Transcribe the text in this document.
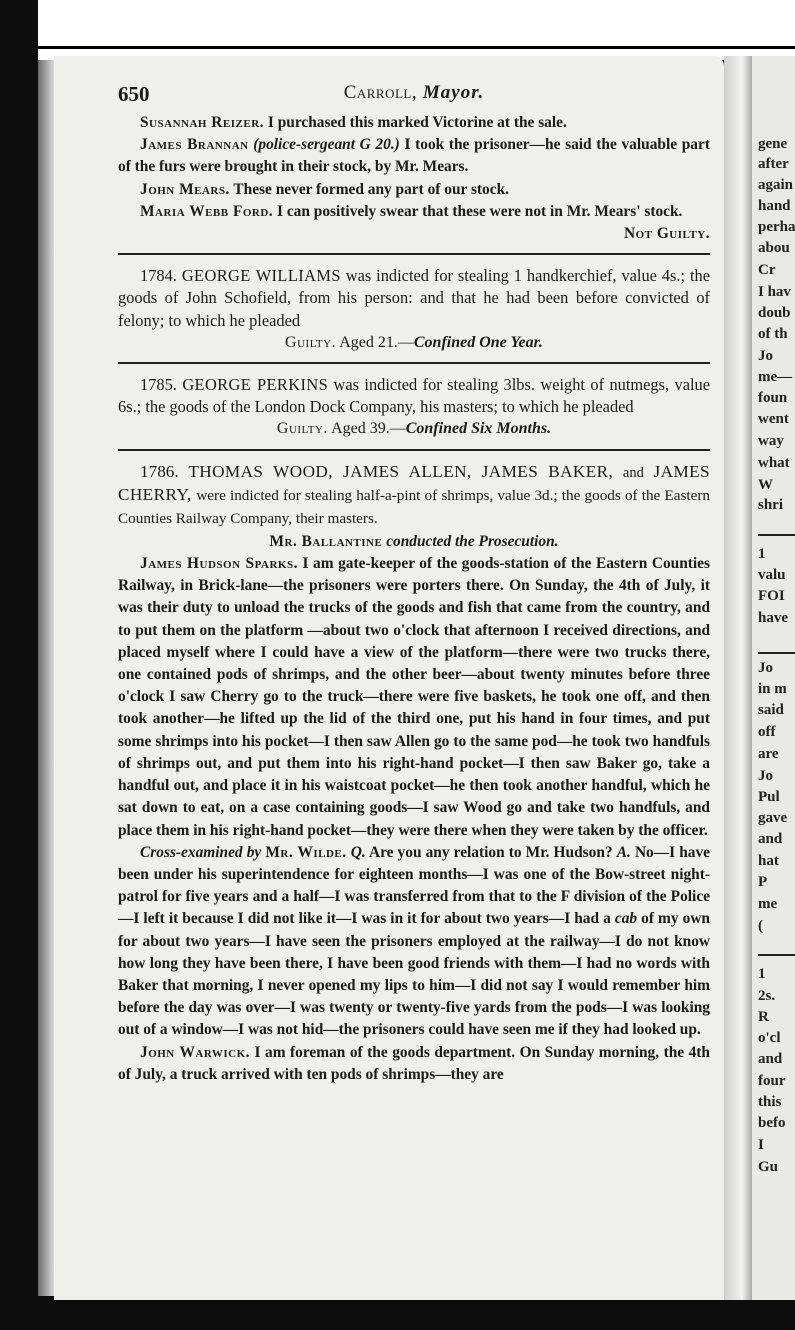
650	Carroll, Mayor.

Susannah Reizer. I purchased this marked Victorine at the sale.

James Brannan (police-sergeant G 20.) I took the prisoner—he said the valuable part of the furs were brought in their stock, by Mr. Mears.

John Mears. These never formed any part of our stock.

Maria Webb Ford. I can positively swear that these were not in Mr. Mears' stock.

Not Guilty.

1784. GEORGE WILLIAMS was indicted for stealing 1 handkerchief, value 4s.; the goods of John Schofield, from his person: and that he had been before convicted of felony; to which he pleaded

Guilty. Aged 21.—Confined One Year.

1785. GEORGE PERKINS was indicted for stealing 3lbs. weight of nutmegs, value 6s.; the goods of the London Dock Company, his masters; to which he pleaded

Guilty. Aged 39.—Confined Six Months.

1786. THOMAS WOOD, JAMES ALLEN, JAMES BAKER, and JAMES CHERRY, were indicted for stealing half-a-pint of shrimps, value 3d.; the goods of the Eastern Counties Railway Company, their masters.

Mr. Ballantine conducted the Prosecution.

James Hudson Sparks. I am gate-keeper of the goods-station of the Eastern Counties Railway, in Brick-lane—the prisoners were porters there. On Sunday, the 4th of July, it was their duty to unload the trucks of the goods and fish that came from the country, and to put them on the platform —about two o'clock that afternoon I received directions, and placed myself where I could have a view of the platform—there were two trucks there, one contained pods of shrimps, and the other beer—about twenty minutes before three o'clock I saw Cherry go to the truck—there were five baskets, he took one off, and then took another—he lifted up the lid of the third one, put his hand in four times, and put some shrimps into his pocket—I then saw Allen go to the same pod—he took two handfuls of shrimps out, and put them into his right-hand pocket—I then saw Baker go, take a handful out, and place it in his waistcoat pocket—he then took another handful, which he sat down to eat, on a case containing goods—I saw Wood go and take two handfuls, and place them in his right-hand pocket—they were there when they were taken by the officer.

Cross-examined by Mr. Wilde. Q. Are you any relation to Mr. Hudson? A. No—I have been under his superintendence for eighteen months—I was one of the Bow-street night-patrol for five years and a half—I was transferred from that to the F division of the Police—I left it because I did not like it—I was in it for about two years—I had a cab of my own for about two years—I have seen the prisoners employed at the railway—I do not know how long they have been there, I have been good friends with them—I had no words with Baker that morning, I never opened my lips to him—I did not say I would remember him before the day was over—I was twenty or twenty-five yards from the pods—I was looking out of a window—I was not hid—the prisoners could have seen me if they had looked up.

John Warwick. I am foreman of the goods department. On Sunday morning, the 4th of July, a truck arrived with ten pods of shrimps—they are

gene
after
again
hand
perha
abou
Cr
I hav
doub
of th
Jo
me—
foun
went
way
what
W
shri
1
valu
FOI
have
Jo
in m
said
off
are
Jo
Pul
gave
and
hat
P
me
(
1
2s.
R
o'cl
and
four
this
befo
I
Gu
